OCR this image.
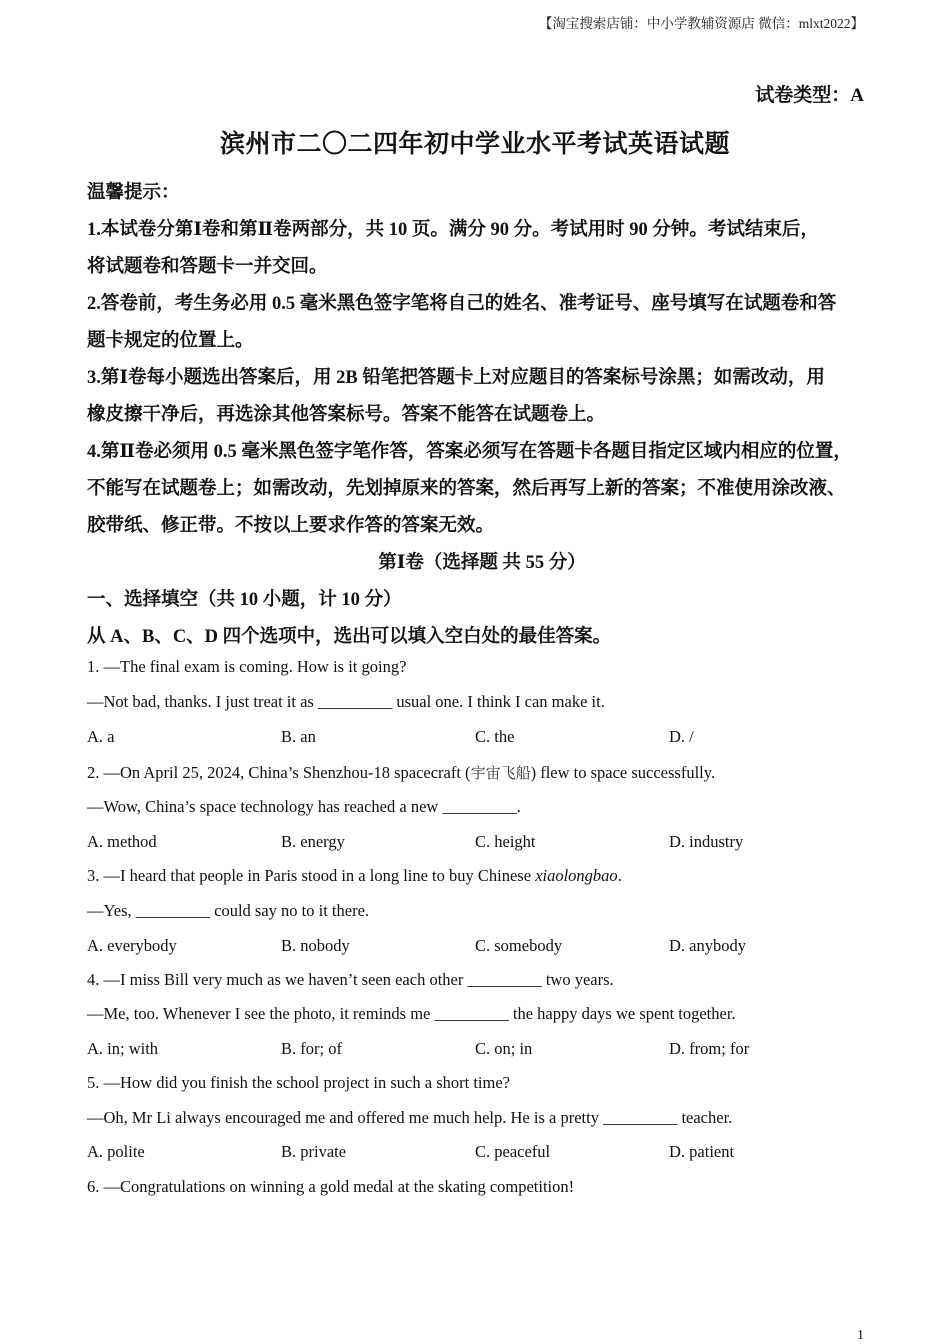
【淘宝搜索店铺：中小学教辅资源店 微信：mlxt2022】
试卷类型：A
滨州市二〇二四年初中学业水平考试英语试题
温馨提示：
1.本试卷分第Ⅰ卷和第Ⅱ卷两部分，共 10 页。满分 90 分。考试用时 90 分钟。考试结束后，
将试题卷和答题卡一并交回。
2.答卷前，考生务必用 0.5 毫米黑色签字笔将自己的姓名、准考证号、座号填写在试题卷和答
题卡规定的位置上。
3.第Ⅰ卷每小题选出答案后，用 2B 铅笔把答题卡上对应题目的答案标号涂黑；如需改动，用
橡皮擦干净后，再选涂其他答案标号。答案不能答在试题卷上。
4.第Ⅱ卷必须用 0.5 毫米黑色签字笔作答，答案必须写在答题卡各题目指定区域内相应的位置，
不能写在试题卷上；如需改动，先划掉原来的答案，然后再写上新的答案；不准使用涂改液、
胶带纸、修正带。不按以上要求作答的答案无效。
第Ⅰ卷（选择题 共 55 分）
一、选择填空（共 10 小题，计 10 分）
从 A、B、C、D 四个选项中，选出可以填入空白处的最佳答案。
1. —The final exam is coming. How is it going?
—Not bad, thanks. I just treat it as _________ usual one. I think I can make it.
A. a	B. an	C. the	D. /
2. —On April 25, 2024, China’s Shenzhou-18 spacecraft (宇宙飞船) flew to space successfully.
—Wow, China’s space technology has reached a new _________.
A. method	B. energy	C. height	D. industry
3. —I heard that people in Paris stood in a long line to buy Chinese xiaolongbao.
—Yes, _________ could say no to it there.
A. everybody	B. nobody	C. somebody	D. anybody
4. —I miss Bill very much as we haven’t seen each other _________ two years.
—Me, too. Whenever I see the photo, it reminds me _________ the happy days we spent together.
A. in; with	B. for; of	C. on; in	D. from; for
5. —How did you finish the school project in such a short time?
—Oh, Mr Li always encouraged me and offered me much help. He is a pretty _________ teacher.
A. polite	B. private	C. peaceful	D. patient
6. —Congratulations on winning a gold medal at the skating competition!
1
